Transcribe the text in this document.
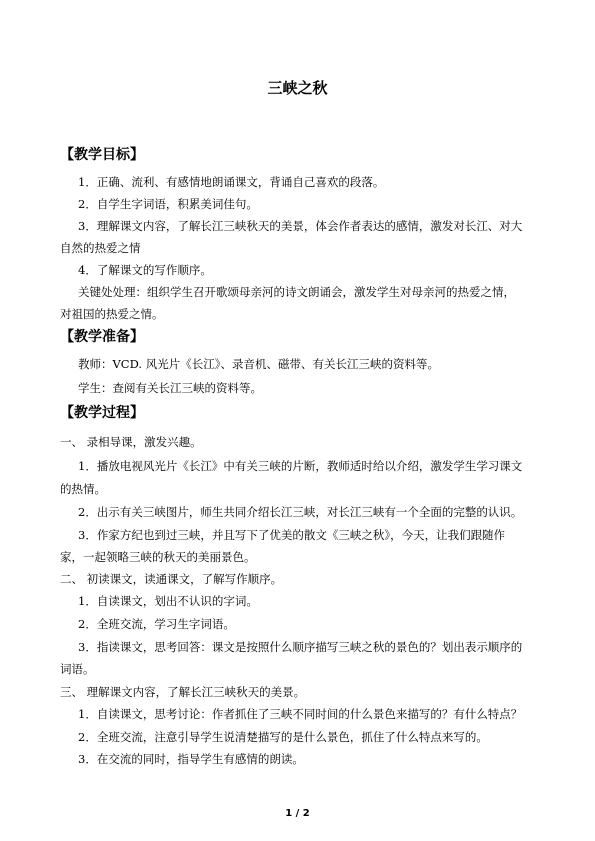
三峡之秋
【教学目标】
1．正确、流利、有感情地朗诵课文，背诵自己喜欢的段落。
2．自学生字词语，积累美词佳句。
3．理解课文内容，了解长江三峡秋天的美景，体会作者表达的感情，激发对长江、对大
自然的热爱之情
4．了解课文的写作顺序。
关键处处理：组织学生召开歌颂母亲河的诗文朗诵会，激发学生对母亲河的热爱之情，
对祖国的热爱之情。
【教学准备】
教师：VCD. 风光片《长江》、录音机、磁带、有关长江三峡的资料等。
学生：查阅有关长江三峡的资料等。
【教学过程】
一、 录相导课，激发兴趣。
1．播放电视风光片《长江》中有关三峡的片断，教师适时给以介绍，激发学生学习课文
的热情。
2．出示有关三峡图片，师生共同介绍长江三峡，对长江三峡有一个全面的完整的认识。
3．作家方纪也到过三峡，并且写下了优美的散文《三峡之秋》，今天，让我们跟随作
家，一起领略三峡的秋天的美丽景色。
二、 初读课文，读通课文，了解写作顺序。
1．自读课文，划出不认识的字词。
2．全班交流，学习生字词语。
3．指读课文，思考回答：课文是按照什么顺序描写三峡之秋的景色的？划出表示顺序的
词语。
三、 理解课文内容，了解长江三峡秋天的美景。
1．自读课文，思考讨论：作者抓住了三峡不同时间的什么景色来描写的？有什么特点？
2．全班交流，注意引导学生说清楚描写的是什么景色，抓住了什么特点来写的。
3．在交流的同时，指导学生有感情的朗读。
1 / 2
